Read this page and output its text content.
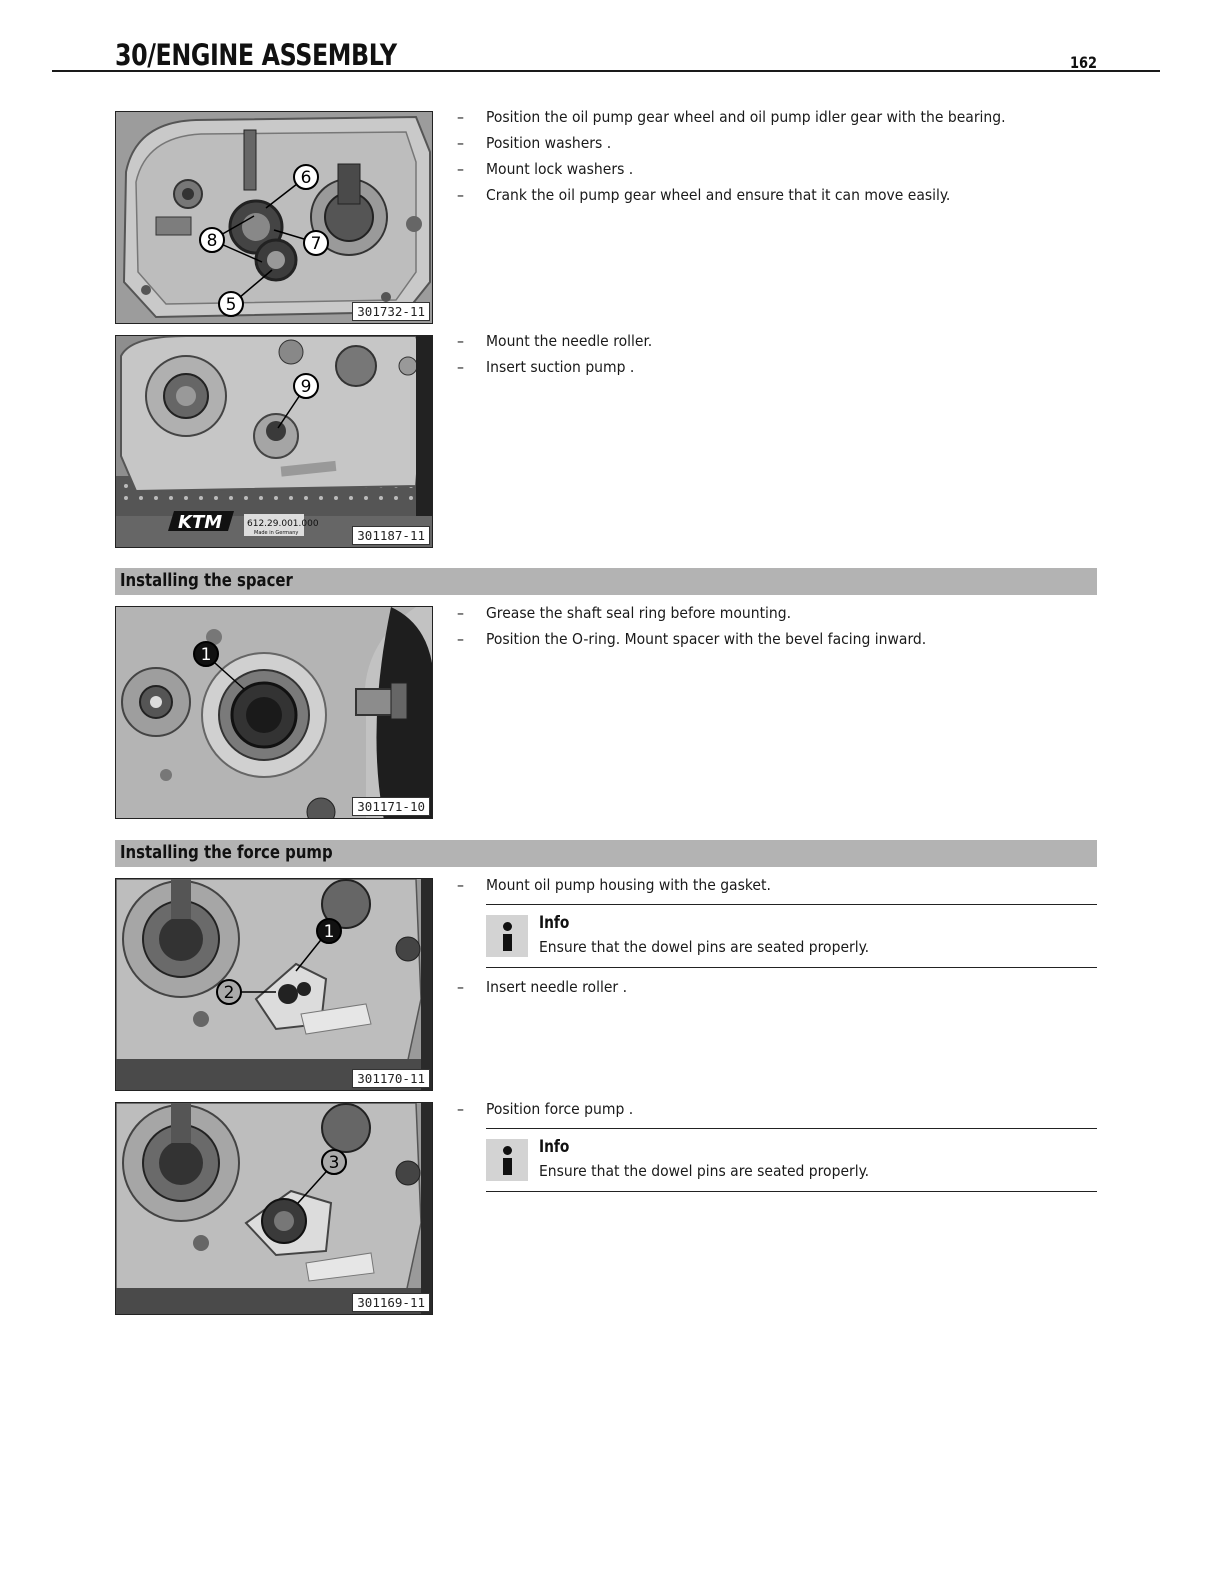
30/ENGINE ASSEMBLY	162
6
8	7
5	301732-11
– Position the oil pump gear wheel and oil pump idler gear with the bearing.
– Position washers .
– Mount lock washers .
– Crank the oil pump gear wheel and ensure that it can move easily.
KTM	612.29.001.000
Made in Germany
9
301187-11
– Mount the needle roller.
– Insert suction pump .
Installing the spacer
1
301171-10
– Grease the shaft seal ring before mounting.
– Position the O-ring. Mount spacer with the bevel facing inward.
Installing the force pump
1
2
301170-11
– Mount oil pump housing with the gasket.
Info
Ensure that the dowel pins are seated properly.
– Insert needle roller .
3
301169-11
– Position force pump .
Info
Ensure that the dowel pins are seated properly.
